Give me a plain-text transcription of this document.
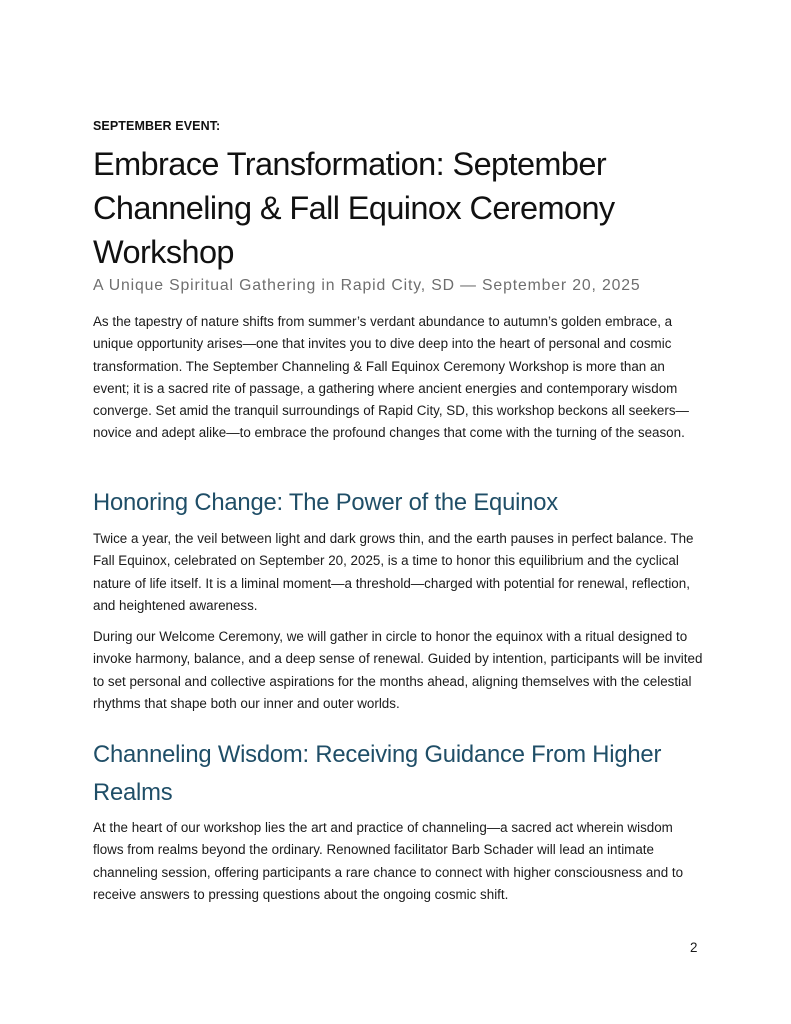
SEPTEMBER EVENT:
Embrace Transformation: September Channeling & Fall Equinox Ceremony Workshop
A Unique Spiritual Gathering in Rapid City, SD — September 20, 2025

As the tapestry of nature shifts from summer’s verdant abundance to autumn’s golden embrace, a unique opportunity arises—one that invites you to dive deep into the heart of personal and cosmic transformation. The September Channeling & Fall Equinox Ceremony Workshop is more than an event; it is a sacred rite of passage, a gathering where ancient energies and contemporary wisdom converge. Set amid the tranquil surroundings of Rapid City, SD, this workshop beckons all seekers—novice and adept alike—to embrace the profound changes that come with the turning of the season.

Honoring Change: The Power of the Equinox

Twice a year, the veil between light and dark grows thin, and the earth pauses in perfect balance. The Fall Equinox, celebrated on September 20, 2025, is a time to honor this equilibrium and the cyclical nature of life itself. It is a liminal moment—a threshold—charged with potential for renewal, reflection, and heightened awareness.

During our Welcome Ceremony, we will gather in circle to honor the equinox with a ritual designed to invoke harmony, balance, and a deep sense of renewal. Guided by intention, participants will be invited to set personal and collective aspirations for the months ahead, aligning themselves with the celestial rhythms that shape both our inner and outer worlds.

Channeling Wisdom: Receiving Guidance From Higher Realms

At the heart of our workshop lies the art and practice of channeling—a sacred act wherein wisdom flows from realms beyond the ordinary. Renowned facilitator Barb Schader will lead an intimate channeling session, offering participants a rare chance to connect with higher consciousness and to receive answers to pressing questions about the ongoing cosmic shift.

2
